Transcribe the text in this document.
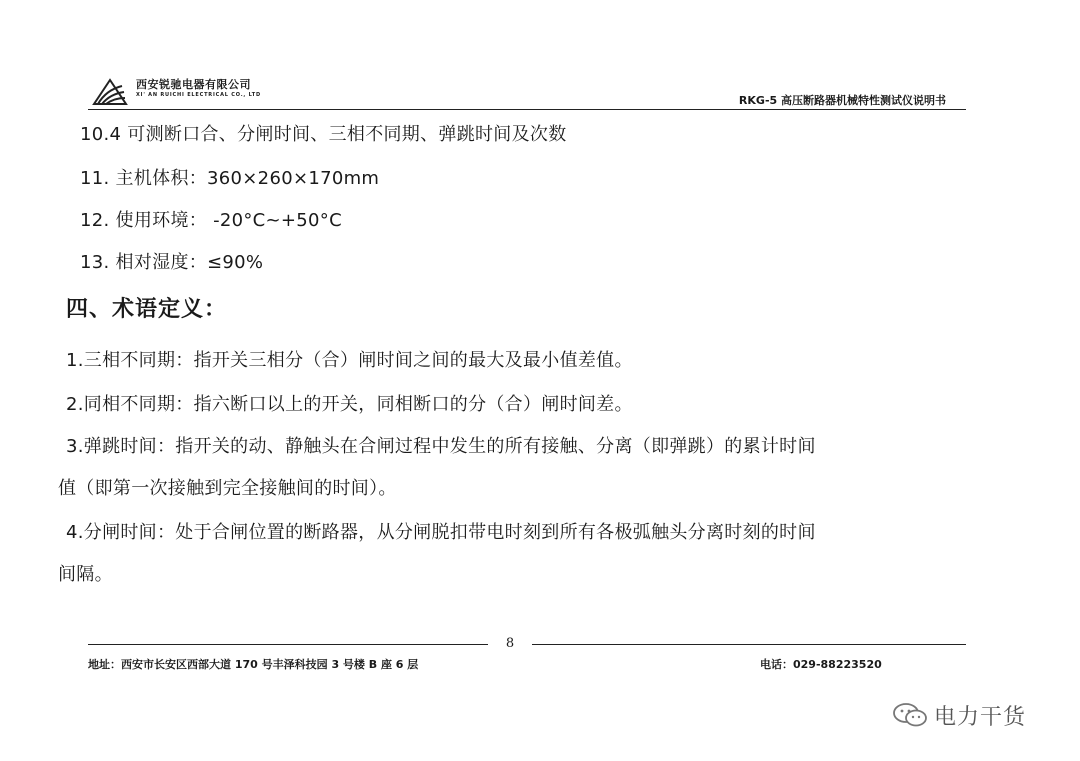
西安锐驰电器有限公司
XI' AN RUICHI ELECTRICAL CO., LTD	RKG-5 高压断路器机械特性测试仪说明书
10.4 可测断口合、分闸时间、三相不同期、弹跳时间及次数
11. 主机体积：360×260×170mm
12. 使用环境： -20°C~+50°C
13. 相对湿度：≤90%
四、术语定义：
1.三相不同期：指开关三相分（合）闸时间之间的最大及最小值差值。
2.同相不同期：指六断口以上的开关，同相断口的分（合）闸时间差。
3.弹跳时间：指开关的动、静触头在合闸过程中发生的所有接触、分离（即弹跳）的累计时间
值（即第一次接触到完全接触间的时间）。
4.分闸时间：处于合闸位置的断路器，从分闸脱扣带电时刻到所有各极弧触头分离时刻的时间
间隔。
8
地址：西安市长安区西部大道 170 号丰泽科技园 3 号楼 B 座 6 层	电话：029-88223520
电力干货
